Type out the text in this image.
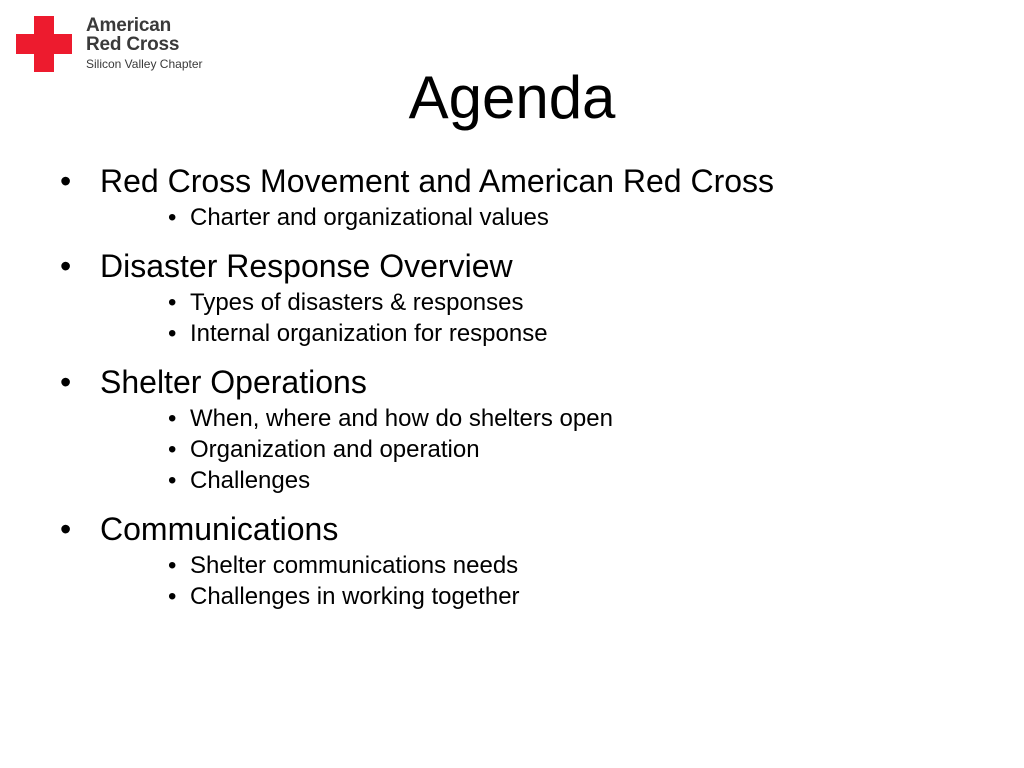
American
Red Cross
Silicon Valley Chapter	Agenda
• Red Cross Movement and American Red Cross
• Charter and organizational values
• Disaster Response Overview
• Types of disasters & responses
• Internal organization for response
• Shelter Operations
• When, where and how do shelters open
• Organization and operation
• Challenges
• Communications
• Shelter communications needs
• Challenges in working together
